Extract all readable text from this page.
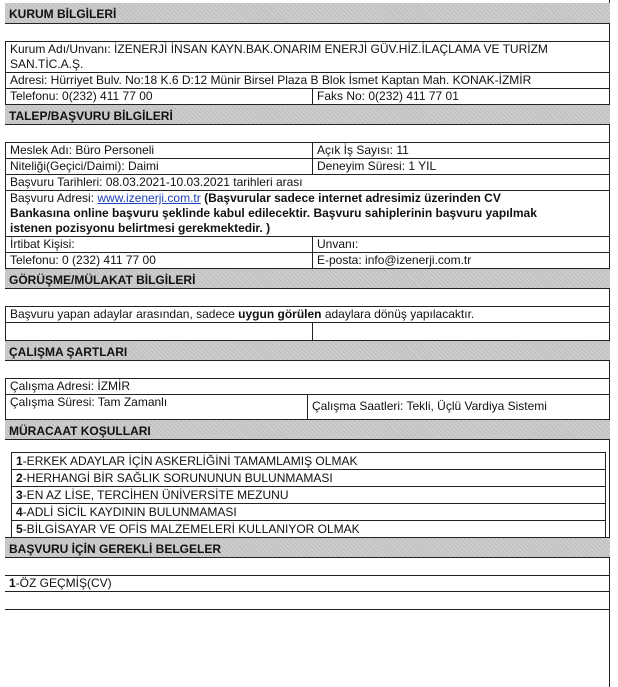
KURUM BİLGİLERİ
Kurum Adı/Unvanı: İZENERJİ İNSAN KAYN.BAK.ONARIM ENERJİ GÜV.HİZ.İLAÇLAMA VE TURİZM
SAN.TİC.A.Ş.
Adresi: Hürriyet Bulv. No:18 K.6 D:12 Münir Birsel Plaza B Blok İsmet Kaptan Mah. KONAK-İZMİR
Telefonu: 0(232) 411 77 00	Faks No: 0(232) 411 77 01
TALEP/BAŞVURU BİLGİLERİ
Meslek Adı: Büro Personeli	Açık İş Sayısı: 11
Niteliği(Geçici/Daimi): Daimi	Deneyim Süresi: 1 YIL
Başvuru Tarihleri: 08.03.2021-10.03.2021 tarihleri arası
Başvuru Adresi: www.izenerji.com.tr (Başvurular sadece internet adresimiz üzerinden CV
Bankasına online başvuru şeklinde kabul edilecektir. Başvuru sahiplerinin başvuru yapılmak
istenen pozisyonu belirtmesi gerekmektedir. )
İrtibat Kişisi:	Unvanı:
Telefonu: 0 (232) 411 77 00	E-posta: info@izenerji.com.tr
GÖRÜŞME/MÜLAKAT BİLGİLERİ
Başvuru yapan adaylar arasından, sadece uygun görülen adaylara dönüş yapılacaktır.
ÇALIŞMA ŞARTLARI
Çalışma Adresi: İZMİR
Çalışma Süresi: Tam Zamanlı	Çalışma Saatleri: Tekli, Üçlü Vardiya Sistemi
MÜRACAAT KOŞULLARI
1-ERKEK ADAYLAR İÇİN ASKERLİĞİNİ TAMAMLAMIŞ OLMAK
2-HERHANGİ BİR SAĞLIK SORUNUNUN BULUNMAMASI
3-EN AZ LİSE, TERCİHEN ÜNİVERSİTE MEZUNU
4-ADLİ SİCİL KAYDININ BULUNMAMASI
5-BİLGİSAYAR VE OFİS MALZEMELERİ KULLANIYOR OLMAK
BAŞVURU İÇİN GEREKLİ BELGELER
1-ÖZ GEÇMİŞ(CV)
